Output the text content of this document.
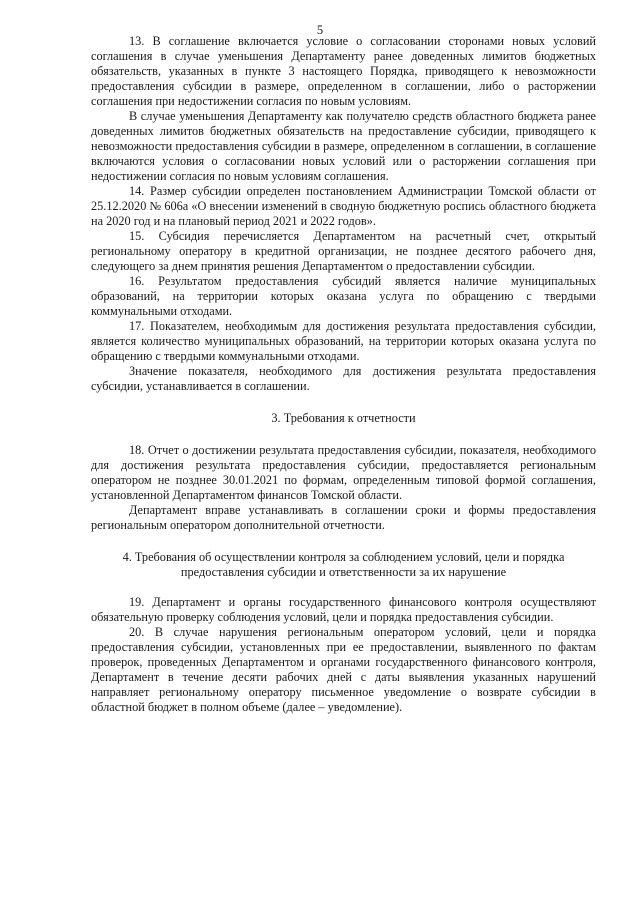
5

13. В соглашение включается условие о согласовании сторонами новых условий соглашения в случае уменьшения Департаменту ранее доведенных лимитов бюджетных обязательств, указанных в пункте 3 настоящего Порядка, приводящего к невозможности предоставления субсидии в размере, определенном в соглашении, либо о расторжении соглашения при недостижении согласия по новым условиям.

В случае уменьшения Департаменту как получателю средств областного бюджета ранее доведенных лимитов бюджетных обязательств на предоставление субсидии, приводящего к невозможности предоставления субсидии в размере, определенном в соглашении, в соглашение включаются условия о согласовании новых условий или о расторжении соглашения при недостижении согласия по новым условиям соглашения.

14. Размер субсидии определен постановлением Администрации Томской области от 25.12.2020 № 606а «О внесении изменений в сводную бюджетную роспись областного бюджета на 2020 год и на плановый период 2021 и 2022 годов».

15. Субсидия перечисляется Департаментом на расчетный счет, открытый региональному оператору в кредитной организации, не позднее десятого рабочего дня, следующего за днем принятия решения Департаментом о предоставлении субсидии.

16. Результатом предоставления субсидий является наличие муниципальных образований, на территории которых оказана услуга по обращению с твердыми коммунальными отходами.

17. Показателем, необходимым для достижения результата предоставления субсидии, является количество муниципальных образований, на территории которых оказана услуга по обращению с твердыми коммунальными отходами.

Значение показателя, необходимого для достижения результата предоставления субсидии, устанавливается в соглашении.

3. Требования к отчетности

18. Отчет о достижении результата предоставления субсидии, показателя, необходимого для достижения результата предоставления субсидии, предоставляется региональным оператором не позднее 30.01.2021 по формам, определенным типовой формой соглашения, установленной Департаментом финансов Томской области.

Департамент вправе устанавливать в соглашении сроки и формы предоставления региональным оператором дополнительной отчетности.

4. Требования об осуществлении контроля за соблюдением условий, цели и порядка

предоставления субсидии и ответственности за их нарушение

19. Департамент и органы государственного финансового контроля осуществляют обязательную проверку соблюдения условий, цели и порядка предоставления субсидии.

20. В случае нарушения региональным оператором условий, цели и порядка предоставления субсидии, установленных при ее предоставлении, выявленного по фактам проверок, проведенных Департаментом и органами государственного финансового контроля, Департамент в течение десяти рабочих дней с даты выявления указанных нарушений направляет региональному оператору письменное уведомление о возврате субсидии в областной бюджет в полном объеме (далее – уведомление).
